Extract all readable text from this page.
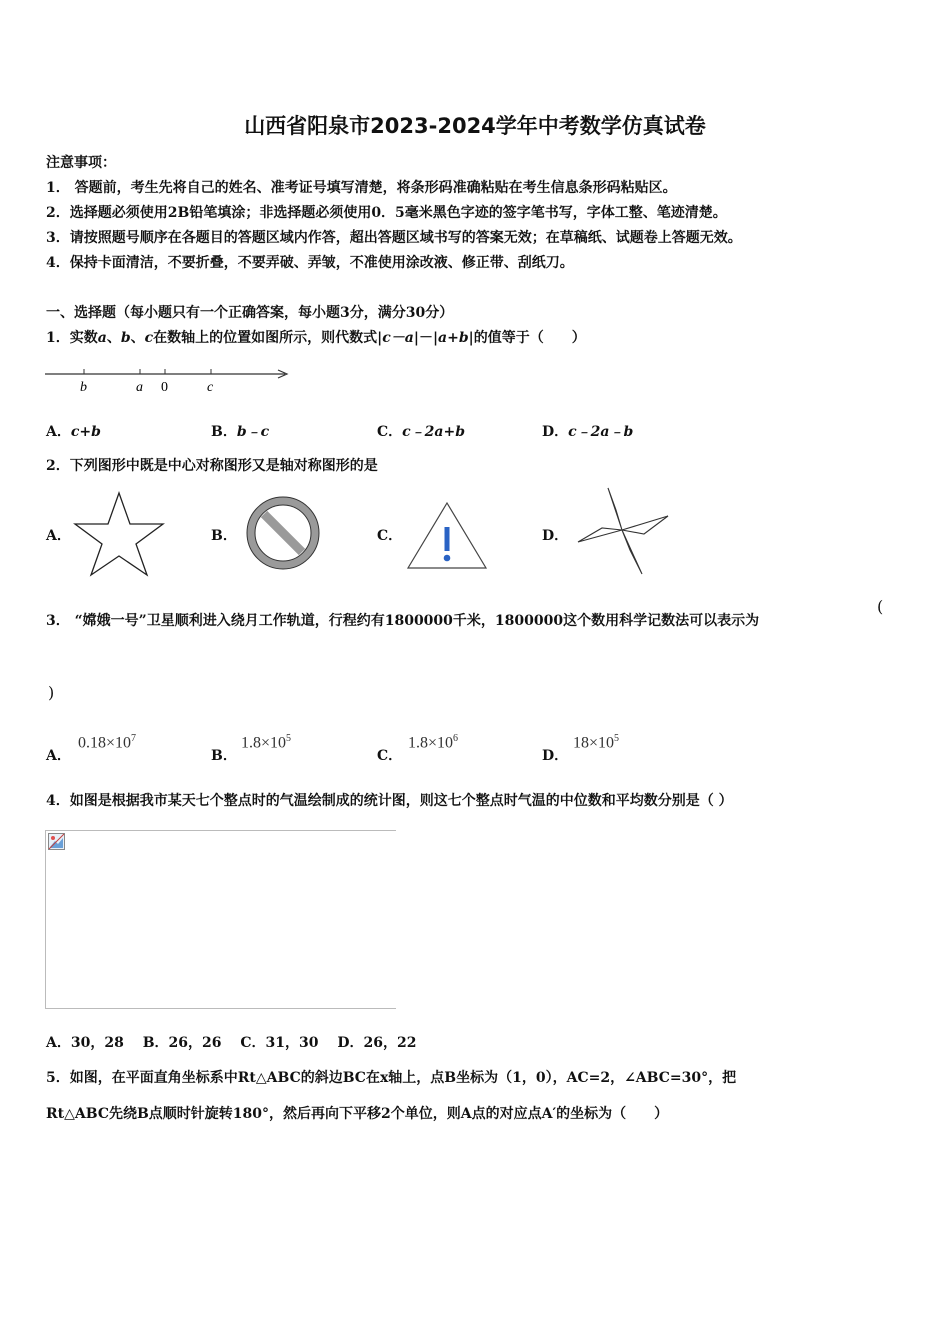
山西省阳泉市2023-2024学年中考数学仿真试卷
注意事项：
1． 答题前，考生先将自己的姓名、准考证号填写清楚，将条形码准确粘贴在考生信息条形码粘贴区。
2．选择题必须使用2B铅笔填涂；非选择题必须使用0．5毫米黑色字迹的签字笔书写，字体工整、笔迹清楚。
3．请按照题号顺序在各题目的答题区域内作答，超出答题区域书写的答案无效；在草稿纸、试题卷上答题无效。
4．保持卡面清洁，不要折叠，不要弄破、弄皱，不准使用涂改液、修正带、刮纸刀。
一、选择题（每小题只有一个正确答案，每小题3分，满分30分）
1．实数a、b、c在数轴上的位置如图所示，则代数式|c－a|－|a+b|的值等于（　　）
b	a 0	c
A．c+b	B．b﹣c	C．c﹣2a+b	D．c﹣2a﹣b
2．下列图形中既是中心对称图形又是轴对称图形的是
A．	B．	C．	D．
3． “嫦娥一号”卫星顺利进入绕月工作轨道，行程约有1800000千米，1800000这个数用科学记数法可以表示为
(
)
A．
$0.18\times 10^7$
B．
$1.8\times 10^5$
C．
$1.8\times 10^6$
D．
$18\times 10^5$
4．如图是根据我市某天七个整点时的气温绘制成的统计图，则这七个整点时气温的中位数和平均数分别是（ ）
A．30，28　 B．26，26　 C．31，30　 D．26，22
5．如图，在平面直角坐标系中Rt△ABC的斜边BC在x轴上，点B坐标为（1，0），AC=2，∠ABC=30°，把
Rt△ABC先绕B点顺时针旋转180°，然后再向下平移2个单位，则A点的对应点A′的坐标为（　　）
